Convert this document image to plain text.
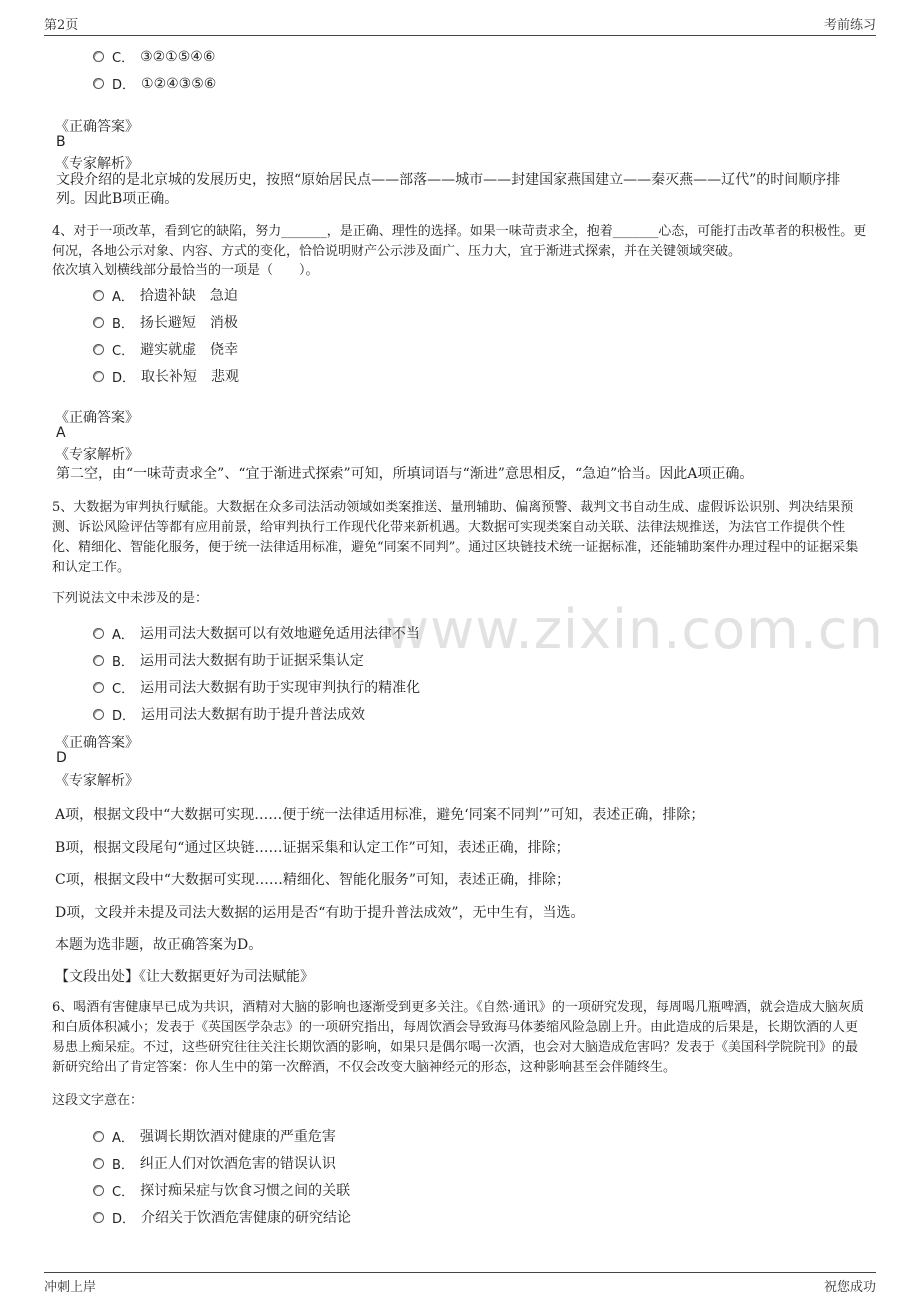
第2页	考前练习
www.zixin.com.cn
C． ③②①⑤④⑥
D． ①②④③⑤⑥
《正确答案》
B
《专家解析》
文段介绍的是北京城的发展历史，按照“原始居民点——部落——城市——封建国家燕国建立——秦灭燕——辽代”的时间顺序排列。因此B项正确。
4、对于一项改革，看到它的缺陷，努力_______，是正确、理性的选择。如果一味苛责求全，抱着_______心态，可能打击改革者的积极性。更何况，各地公示对象、内容、方式的变化，恰恰说明财产公示涉及面广、压力大，宜于渐进式探索，并在关键领域突破。
依次填入划横线部分最恰当的一项是（　　）。
A． 拾遗补缺　急迫
B． 扬长避短　消极
C． 避实就虚　侥幸
D． 取长补短　悲观
《正确答案》
A
《专家解析》
第二空，由“一味苛责求全”、“宜于渐进式探索”可知，所填词语与“渐进”意思相反，“急迫”恰当。因此A项正确。
5、大数据为审判执行赋能。大数据在众多司法活动领域如类案推送、量刑辅助、偏离预警、裁判文书自动生成、虚假诉讼识别、判决结果预测、诉讼风险评估等都有应用前景，给审判执行工作现代化带来新机遇。大数据可实现类案自动关联、法律法规推送，为法官工作提供个性化、精细化、智能化服务，便于统一法律适用标准，避免“同案不同判”。通过区块链技术统一证据标准，还能辅助案件办理过程中的证据采集和认定工作。
下列说法文中未涉及的是：
A． 运用司法大数据可以有效地避免适用法律不当
B． 运用司法大数据有助于证据采集认定
C． 运用司法大数据有助于实现审判执行的精准化
D． 运用司法大数据有助于提升普法成效
《正确答案》
D
《专家解析》
A项，根据文段中“大数据可实现……便于统一法律适用标准，避免‘同案不同判’”可知，表述正确，排除；
B项，根据文段尾句“通过区块链……证据采集和认定工作”可知，表述正确，排除；
C项，根据文段中“大数据可实现……精细化、智能化服务”可知，表述正确，排除；
D项，文段并未提及司法大数据的运用是否“有助于提升普法成效”，无中生有，当选。
本题为选非题，故正确答案为D。
【文段出处】《让大数据更好为司法赋能》
6、喝酒有害健康早已成为共识，酒精对大脑的影响也逐渐受到更多关注。《自然·通讯》的一项研究发现，每周喝几瓶啤酒，就会造成大脑灰质和白质体积减小；发表于《英国医学杂志》的一项研究指出，每周饮酒会导致海马体萎缩风险急剧上升。由此造成的后果是，长期饮酒的人更易患上痴呆症。不过，这些研究往往关注长期饮酒的影响，如果只是偶尔喝一次酒，也会对大脑造成危害吗？发表于《美国科学院院刊》的最新研究给出了肯定答案：你人生中的第一次醉酒，不仅会改变大脑神经元的形态，这种影响甚至会伴随终生。
这段文字意在：
A． 强调长期饮酒对健康的严重危害
B． 纠正人们对饮酒危害的错误认识
C． 探讨痴呆症与饮食习惯之间的关联
D． 介绍关于饮酒危害健康的研究结论
冲刺上岸	祝您成功
